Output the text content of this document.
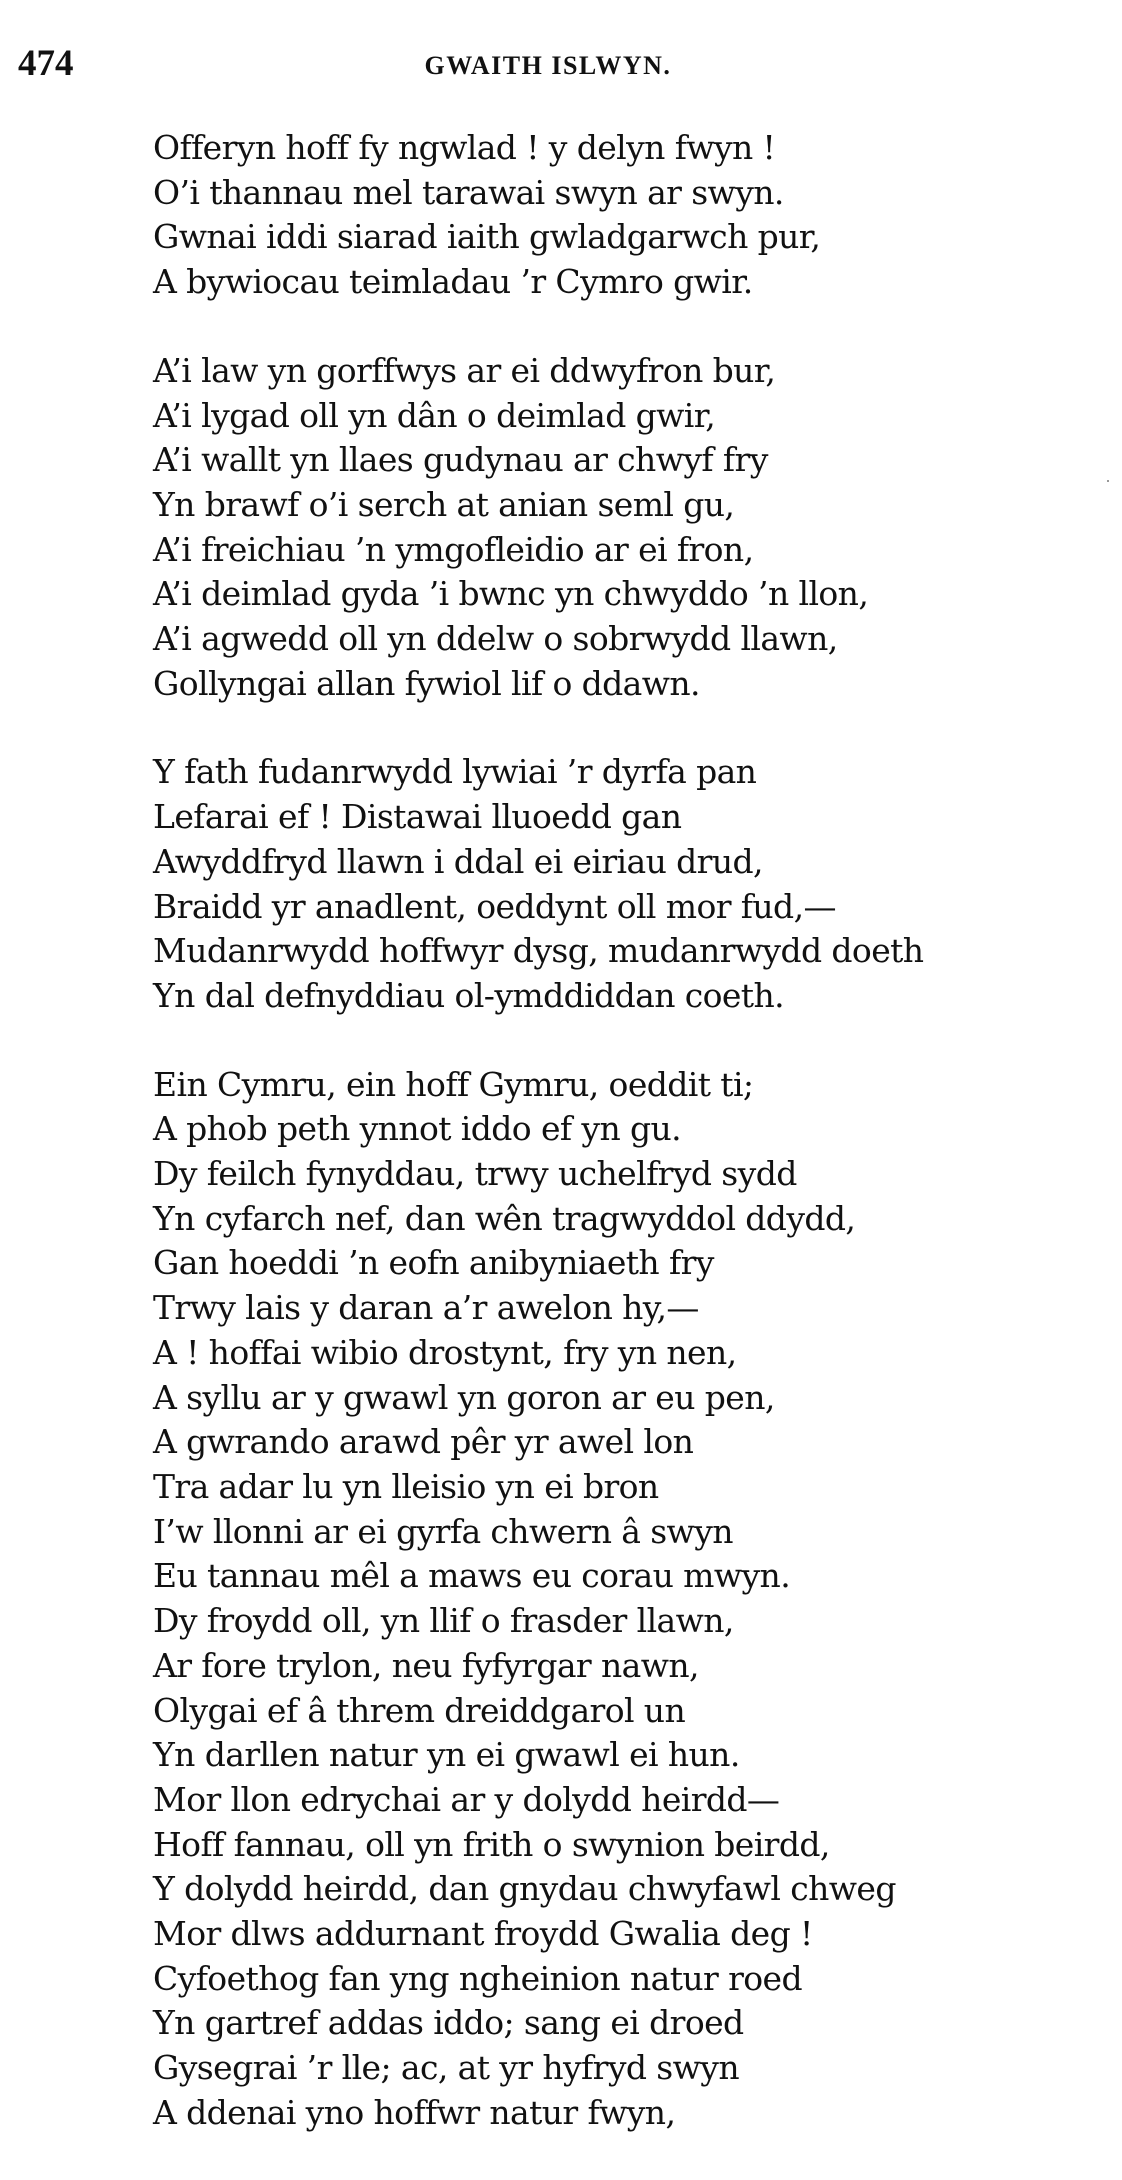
474	GWAITH ISLWYN.
Offeryn hoff fy ngwlad ! y delyn fwyn !
O’i thannau mel tarawai swyn ar swyn.
Gwnai iddi siarad iaith gwladgarwch pur,
A bywiocau teimladau ’r Cymro gwir.
A’i law yn gorffwys ar ei ddwyfron bur,
A’i lygad oll yn dân o deimlad gwir,
A’i wallt yn llaes gudynau ar chwyf fry
Yn brawf o’i serch at anian seml gu,
A’i freichiau ’n ymgofleidio ar ei fron,
A’i deimlad gyda ’i bwnc yn chwyddo ’n llon,
A’i agwedd oll yn ddelw o sobrwydd llawn,
Gollyngai allan fywiol lif o ddawn.
Y fath fudanrwydd lywiai ’r dyrfa pan
Lefarai ef ! Distawai lluoedd gan
Awyddfryd llawn i ddal ei eiriau drud,
Braidd yr anadlent, oeddynt oll mor fud,—
Mudanrwydd hoffwyr dysg, mudanrwydd doeth
Yn dal defnyddiau ol-ymddiddan coeth.
Ein Cymru, ein hoff Gymru, oeddit ti;
A phob peth ynnot iddo ef yn gu.
Dy feilch fynyddau, trwy uchelfryd sydd
Yn cyfarch nef, dan wên tragwyddol ddydd,
Gan hoeddi ’n eofn anibyniaeth fry
Trwy lais y daran a’r awelon hy,—
A ! hoffai wibio drostynt, fry yn nen,
A syllu ar y gwawl yn goron ar eu pen,
A gwrando arawd pêr yr awel lon
Tra adar lu yn lleisio yn ei bron
I’w llonni ar ei gyrfa chwern â swyn
Eu tannau mêl a maws eu corau mwyn.
Dy froydd oll, yn llif o frasder llawn,
Ar fore trylon, neu fyfyrgar nawn,
Olygai ef â threm dreiddgarol un
Yn darllen natur yn ei gwawl ei hun.
Mor llon edrychai ar y dolydd heirdd—
Hoff fannau, oll yn frith o swynion beirdd,
Y dolydd heirdd, dan gnydau chwyfawl chweg
Mor dlws addurnant froydd Gwalia deg !
Cyfoethog fan yng ngheinion natur roed
Yn gartref addas iddo; sang ei droed
Gysegrai ’r lle; ac, at yr hyfryd swyn
A ddenai yno hoffwr natur fwyn,
